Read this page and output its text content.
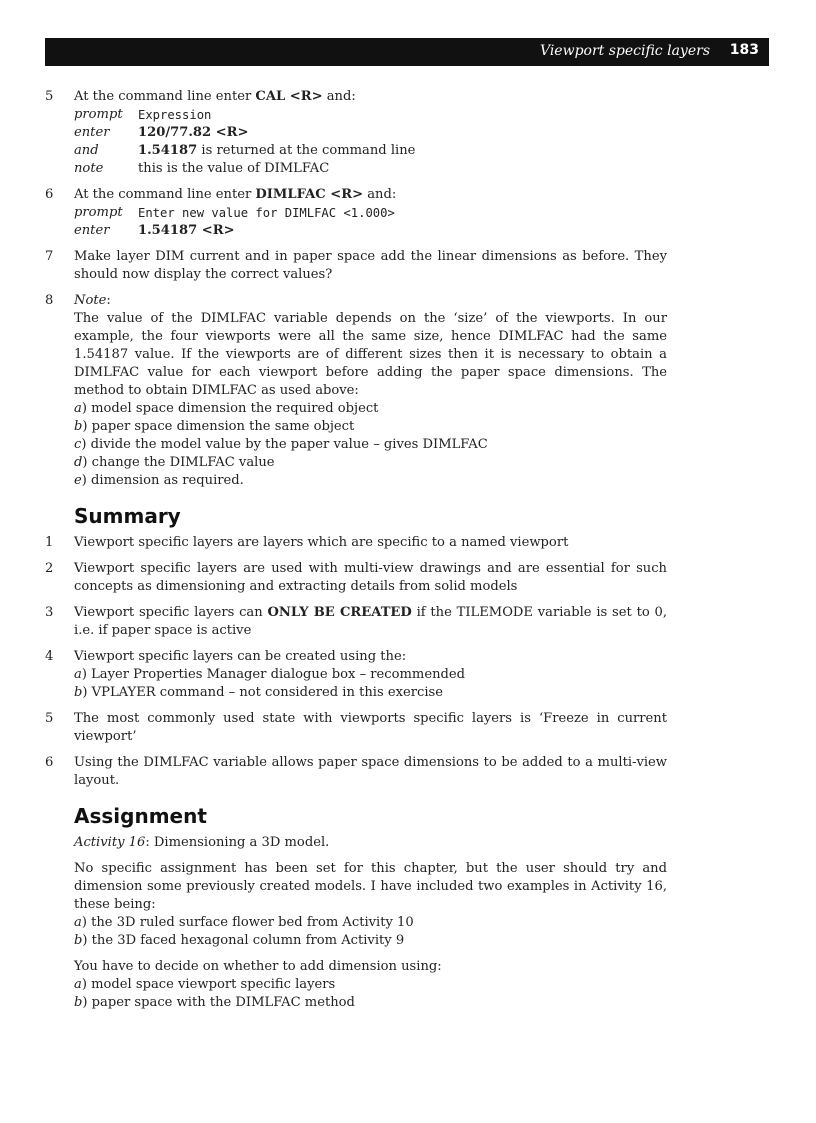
Viewport specific layers 183
5 At the command line enter CAL <R> and:

prompt	Expression
enter	120/77.82 <R>
and	1.54187 is returned at the command line
note	this is the value of DIMLFAC
6 At the command line enter DIMLFAC <R> and:

prompt	Enter new value for DIMLFAC <1.000>
enter	1.54187 <R>
7 Make layer DIM current and in paper space add the linear dimensions as before. They should now display the correct values?

8 Note:

The value of the DIMLFAC variable depends on the ‘size’ of the viewports. In our example, the four viewports were all the same size, hence DIMLFAC had the same 1.54187 value. If the viewports are of different sizes then it is necessary to obtain a DIMLFAC value for each viewport before adding the paper space dimensions. The method to obtain DIMLFAC as used above:

a) model space dimension the required object

b) paper space dimension the same object

c) divide the model value by the paper value – gives DIMLFAC

d) change the DIMLFAC value

e) dimension as required.

Summary
1 Viewport specific layers are layers which are specific to a named viewport

2 Viewport specific layers are used with multi-view drawings and are essential for such concepts as dimensioning and extracting details from solid models

3 Viewport specific layers can ONLY BE CREATED if the TILEMODE variable is set to 0, i.e. if paper space is active

4 Viewport specific layers can be created using the:

a) Layer Properties Manager dialogue box – recommended

b) VPLAYER command – not considered in this exercise

5 The most commonly used state with viewports specific layers is ‘Freeze in current viewport’

6 Using the DIMLFAC variable allows paper space dimensions to be added to a multi-view layout.

Assignment

Activity 16: Dimensioning a 3D model.

No specific assignment has been set for this chapter, but the user should try and dimension some previously created models. I have included two examples in Activity 16, these being:

a) the 3D ruled surface flower bed from Activity 10

b) the 3D faced hexagonal column from Activity 9

You have to decide on whether to add dimension using:

a) model space viewport specific layers

b) paper space with the DIMLFAC method
